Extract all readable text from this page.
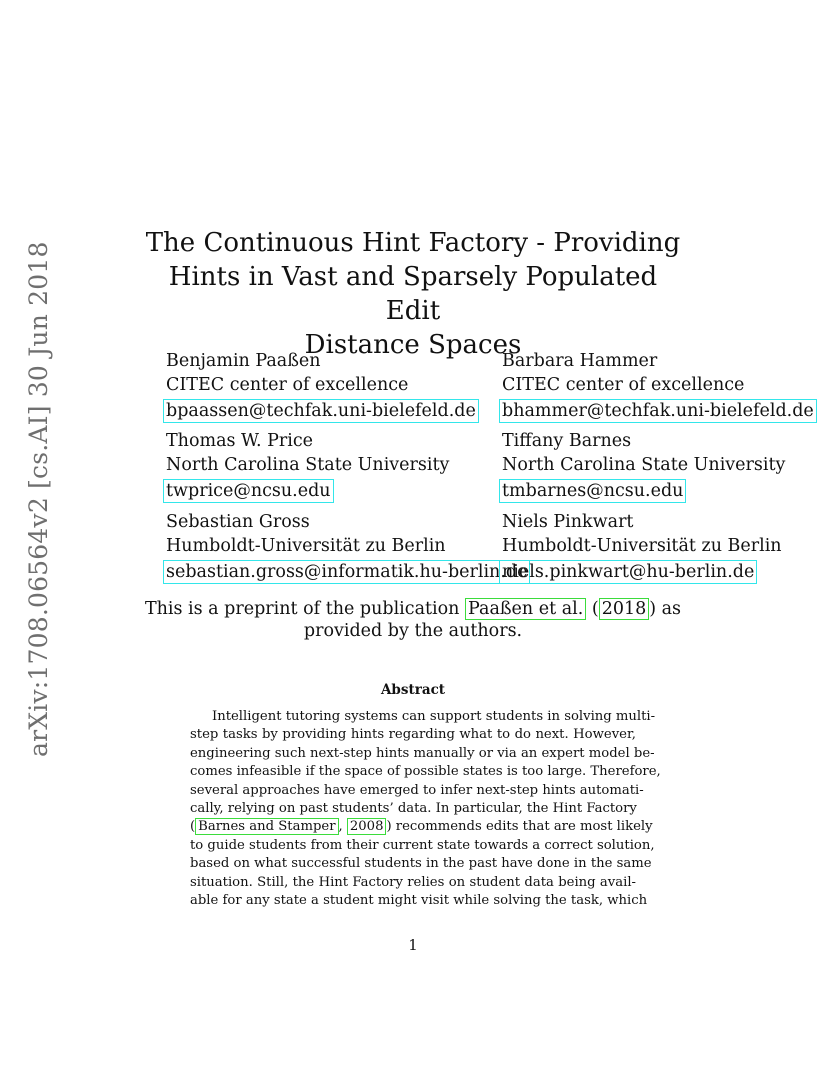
arXiv:1708.06564v2 [cs.AI] 30 Jun 2018	The Continuous Hint Factory - Providing
Hints in Vast and Sparsely Populated Edit
Distance Spaces
Benjamin Paaßen
CITEC center of excellence
bpaassen@techfak.uni-bielefeld.de
Barbara Hammer
CITEC center of excellence
bhammer@techfak.uni-bielefeld.de
Thomas W. Price
North Carolina State University
twprice@ncsu.edu
Tiffany Barnes
North Carolina State University
tmbarnes@ncsu.edu
Sebastian Gross
Humboldt-Universität zu Berlin
sebastian.gross@informatik.hu-berlin.de
Niels Pinkwart
Humboldt-Universität zu Berlin
niels.pinkwart@hu-berlin.de
This is a preprint of the publication Paaßen et al. ( 2018 ) as
provided by the authors.
Abstract
Intelligent tutoring systems can support students in solving multi-
step tasks by providing hints regarding what to do next. However,
engineering such next-step hints manually or via an expert model be-
comes infeasible if the space of possible states is too large. Therefore,
several approaches have emerged to infer next-step hints automati-
cally, relying on past students’ data. In particular, the Hint Factory
( Barnes and Stamper , 2008 ) recommends edits that are most likely
to guide students from their current state towards a correct solution,
based on what successful students in the past have done in the same
situation. Still, the Hint Factory relies on student data being avail-
able for any state a student might visit while solving the task, which
1
